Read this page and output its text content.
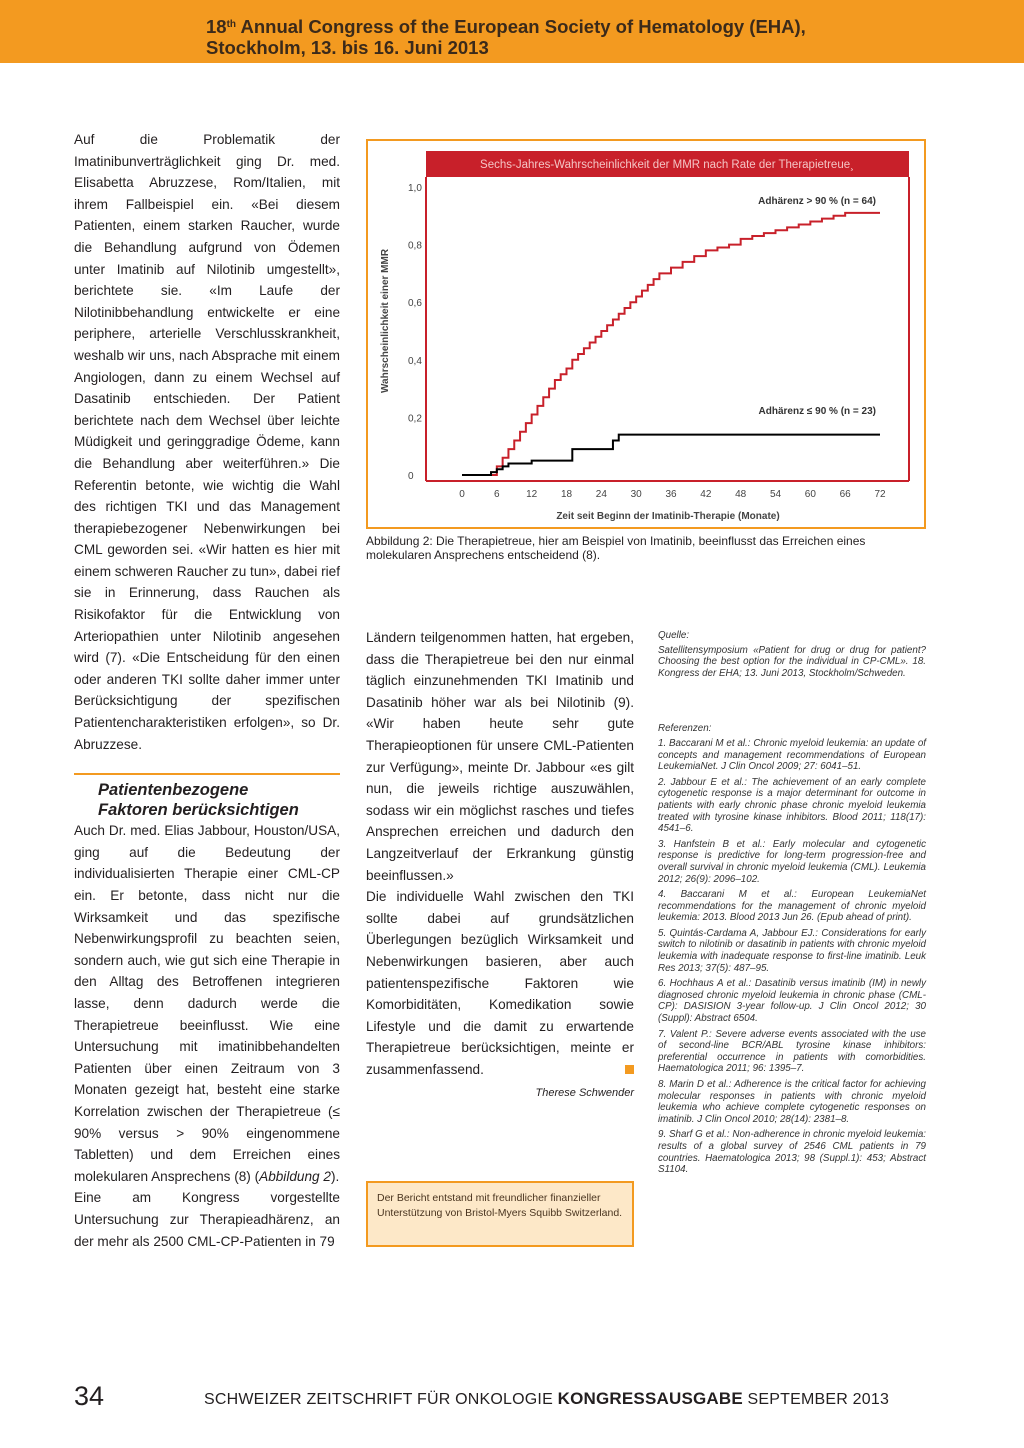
18th Annual Congress of the European Society of Hematology (EHA),
Stockholm, 13. bis 16. Juni 2013

Auf die Problematik der Imatinibunverträglichkeit ging Dr. med. Elisabetta Abruzzese, Rom/Italien, mit ihrem Fallbeispiel ein. «Bei diesem Patienten, einem starken Raucher, wurde die Behandlung aufgrund von Ödemen unter Imatinib auf Nilotinib umgestellt», berichtete sie. «Im Laufe der Nilotinibbehandlung entwickelte er eine periphere, arterielle Verschlusskrankheit, weshalb wir uns, nach Absprache mit einem Angiologen, dann zu einem Wechsel auf Dasatinib entschieden. Der Patient berichtete nach dem Wechsel über leichte Müdigkeit und geringgradige Ödeme, kann die Behandlung aber weiterführen.» Die Referentin betonte, wie wichtig die Wahl des richtigen TKI und das Management therapiebezogener Nebenwirkungen bei CML geworden sei. «Wir hatten es hier mit einem schweren Raucher zu tun», dabei rief sie in Erinnerung, dass Rauchen als Risikofaktor für die Entwicklung von Arteriopathien unter Nilotinib angesehen wird (7). «Die Entscheidung für den einen oder anderen TKI sollte daher immer unter Berücksichtigung der spezifischen Patientencharakteristiken erfolgen», so Dr. Abruzzese.

Patientenbezogene
Faktoren berücksichtigen

Auch Dr. med. Elias Jabbour, Houston/USA, ging auf die Bedeutung der individualisierten Therapie einer CML-CP ein. Er betonte, dass nicht nur die Wirksamkeit und das spezifische Nebenwirkungsprofil zu beachten seien, sondern auch, wie gut sich eine Therapie in den Alltag des Betroffenen integrieren lasse, denn dadurch werde die Therapietreue beeinflusst. Wie eine Untersuchung mit imatinibbehandelten Patienten über einen Zeitraum von 3 Monaten gezeigt hat, besteht eine starke Korrelation zwischen der Therapietreue (≤ 90% versus > 90% eingenommene Tabletten) und dem Erreichen eines molekularen Ansprechens (8) (Abbildung 2).

Eine am Kongress vorgestellte Untersuchung zur Therapieadhärenz, an der mehr als 2500 CML-CP-Patienten in 79

Sechs-Jahres-Wahrscheinlichkeit der MMR nach Rate der Therapietreue¸
Wahrscheinlichkeit einer MMR
Zeit seit Beginn der Imatinib-Therapie (Monate)
0
0,2
0,4
0,6
0,8
1,0
0	6	12 18 24 30 36 42 48 54 60 66 72
Adhärenz > 90 % (n = 64)
Adhärenz ≤ 90 % (n = 23)
Abbildung 2: Die Therapietreue, hier am Beispiel von Imatinib, beeinflusst das Erreichen eines molekularen Ansprechens entscheidend (8).

Ländern teilgenommen hatten, hat ergeben, dass die Therapietreue bei den nur einmal täglich einzunehmenden TKI Imatinib und Dasatinib höher war als bei Nilotinib (9). «Wir haben heute sehr gute Therapieoptionen für unsere CML-Patienten zur Verfügung», meinte Dr. Jabbour «es gilt nun, die jeweils richtige auszuwählen, sodass wir ein möglichst rasches und tiefes Ansprechen erreichen und dadurch den Langzeitverlauf der Erkrankung günstig beeinflussen.»

Die individuelle Wahl zwischen den TKI sollte dabei auf grundsätzlichen Überlegungen bezüglich Wirksamkeit und Nebenwirkungen basieren, aber auch patientenspezifische Faktoren wie Komorbiditäten, Komedikation sowie Lifestyle und die damit zu erwartende Therapietreue berücksichtigen, meinte er zusammenfassend.

Therese Schwender
Der Bericht entstand mit freundlicher finanzieller Unterstützung von Bristol-Myers Squibb Switzerland.
Quelle:
Satellitensymposium «Patient for drug or drug for patient? Choosing the best option for the individual in CP-CML». 18. Kongress der EHA; 13. Juni 2013, Stockholm/Schweden.
Referenzen:
1. Baccarani M et al.: Chronic myeloid leukemia: an update of concepts and management recommendations of European LeukemiaNet. J Clin Oncol 2009; 27: 6041–51.
2. Jabbour E et al.: The achievement of an early complete cytogenetic response is a major determinant for outcome in patients with early chronic phase chronic myeloid leukemia treated with tyrosine kinase inhibitors. Blood 2011; 118(17): 4541–6.
3. Hanfstein B et al.: Early molecular and cytogenetic response is predictive for long-term progression-free and overall survival in chronic myeloid leukemia (CML). Leukemia 2012; 26(9): 2096–102.
4. Baccarani M et al.: European LeukemiaNet recommendations for the management of chronic myeloid leukemia: 2013. Blood 2013 Jun 26. (Epub ahead of print).
5. Quintás-Cardama A, Jabbour EJ.: Considerations for early switch to nilotinib or dasatinib in patients with chronic myeloid leukemia with inadequate response to first-line imatinib. Leuk Res 2013; 37(5): 487–95.
6. Hochhaus A et al.: Dasatinib versus imatinib (IM) in newly diagnosed chronic myeloid leukemia in chronic phase (CML-CP): DASISION 3-year follow-up. J Clin Oncol 2012; 30 (Suppl): Abstract 6504.
7. Valent P.: Severe adverse events associated with the use of second-line BCR/ABL tyrosine kinase inhibitors: preferential occurrence in patients with comorbidities. Haematologica 2011; 96: 1395–7.
8. Marin D et al.: Adherence is the critical factor for achieving molecular responses in patients with chronic myeloid leukemia who achieve complete cytogenetic responses on imatinib. J Clin Oncol 2010; 28(14): 2381–8.
9. Sharf G et al.: Non-adherence in chronic myeloid leukemia: results of a global survey of 2546 CML patients in 79 countries. Haematologica 2013; 98 (Suppl.1): 453; Abstract S1104.
34	SCHWEIZER ZEITSCHRIFT FÜR ONKOLOGIE KONGRESSAUSGABE SEPTEMBER 2013
